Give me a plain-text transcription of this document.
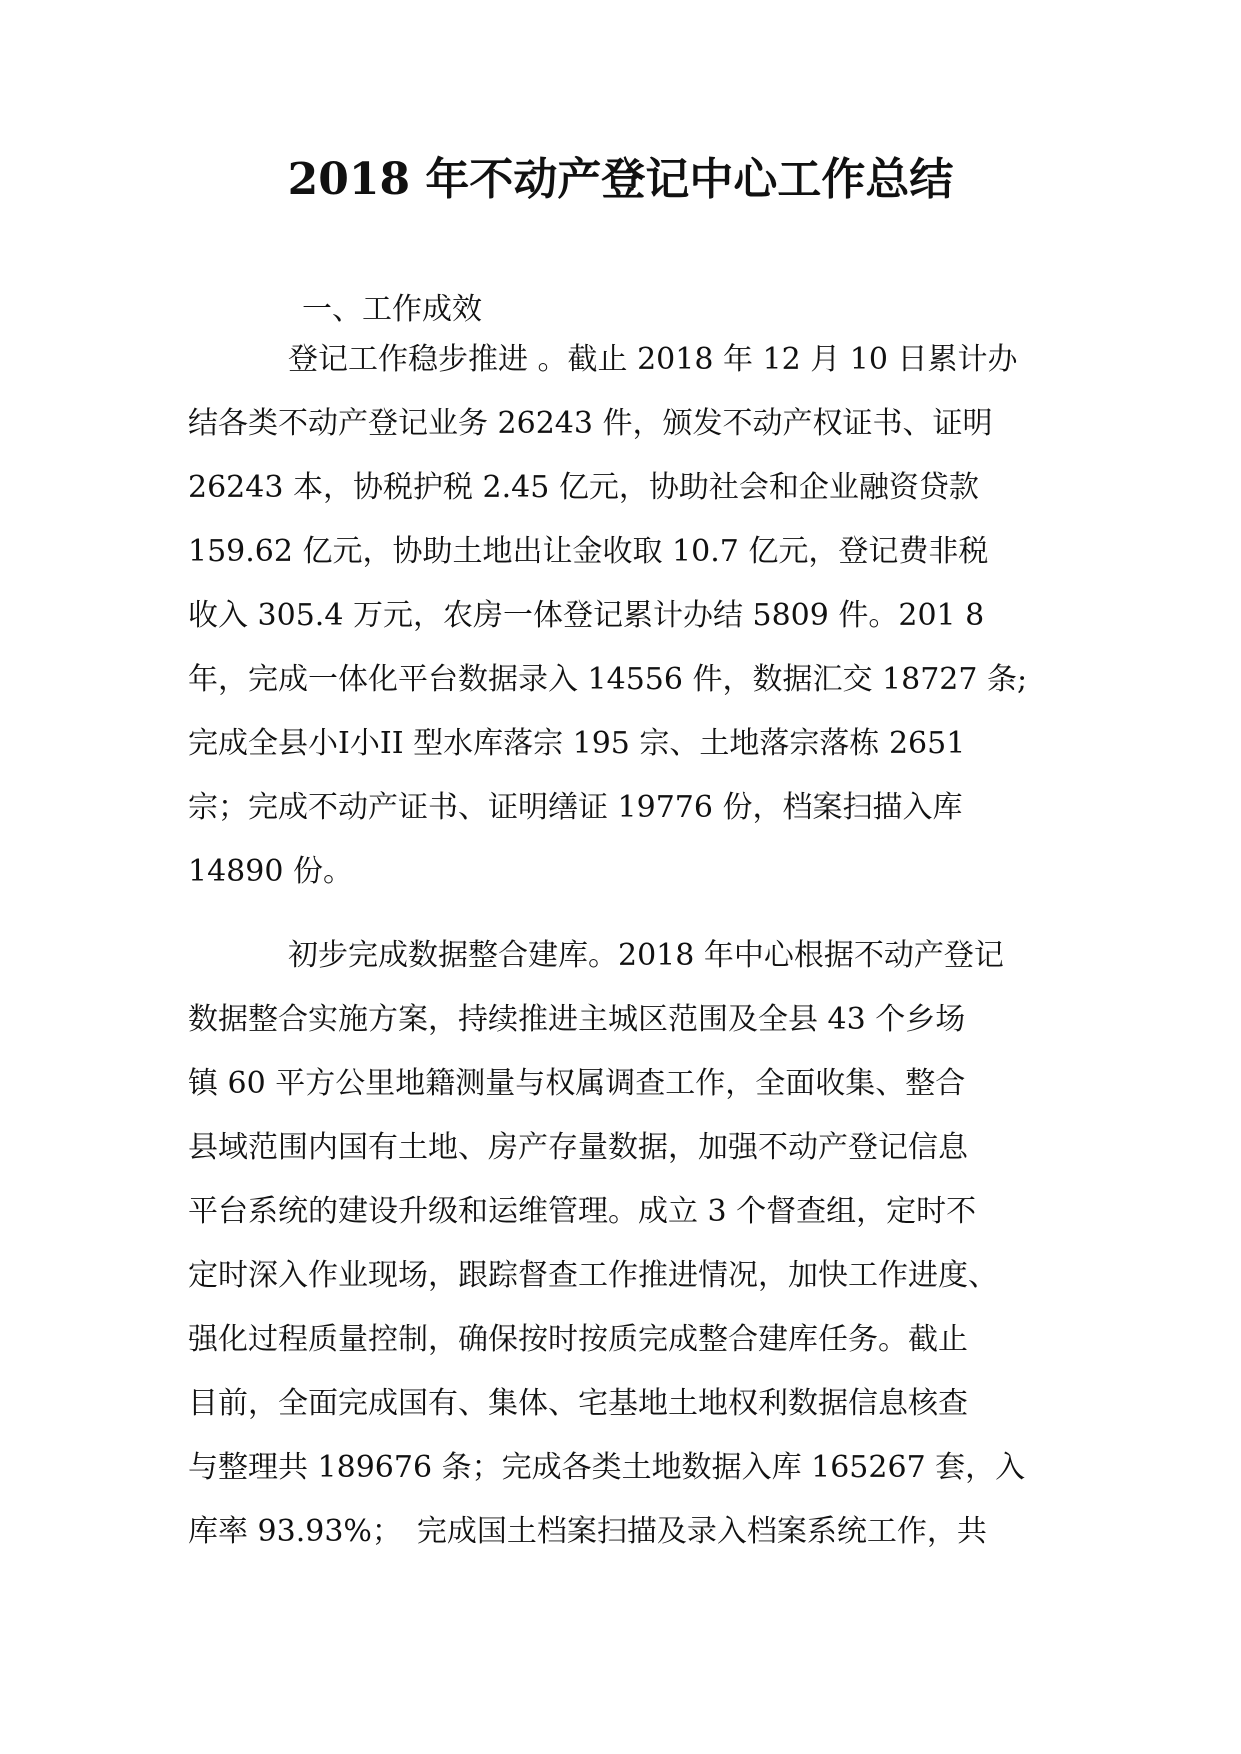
2018 年不动产登记中心工作总结

一、工作成效

登记工作稳步推进 。截止 2018 年 12 月 10 日累计办
结各类不动产登记业务 26243 件，颁发不动产权证书、证明
26243 本，协税护税 2.45 亿元，协助社会和企业融资贷款
159.62 亿元，协助土地出让金收取 10.7 亿元，登记费非税
收入 305.4 万元，农房一体登记累计办结 5809 件。201 8
年，完成一体化平台数据录入 14556 件，数据汇交 18727 条;
完成全县小Ⅰ小II 型水库落宗 195 宗、土地落宗落栋 2651
宗；完成不动产证书、证明缮证 19776 份，档案扫描入库
14890 份。
初步完成数据整合建库。2018 年中心根据不动产登记
数据整合实施方案，持续推进主城区范围及全县 43 个乡场
镇 60 平方公里地籍测量与权属调查工作，全面收集、整合
县域范围内国有土地、房产存量数据，加强不动产登记信息
平台系统的建设升级和运维管理。成立 3 个督查组，定时不
定时深入作业现场，跟踪督查工作推进情况，加快工作进度、
强化过程质量控制，确保按时按质完成整合建库任务。截止
目前，全面完成国有、集体、宅基地土地权利数据信息核查
与整理共 189676 条；完成各类土地数据入库 165267 套，入
库率 93.93%；　完成国土档案扫描及录入档案系统工作，共
